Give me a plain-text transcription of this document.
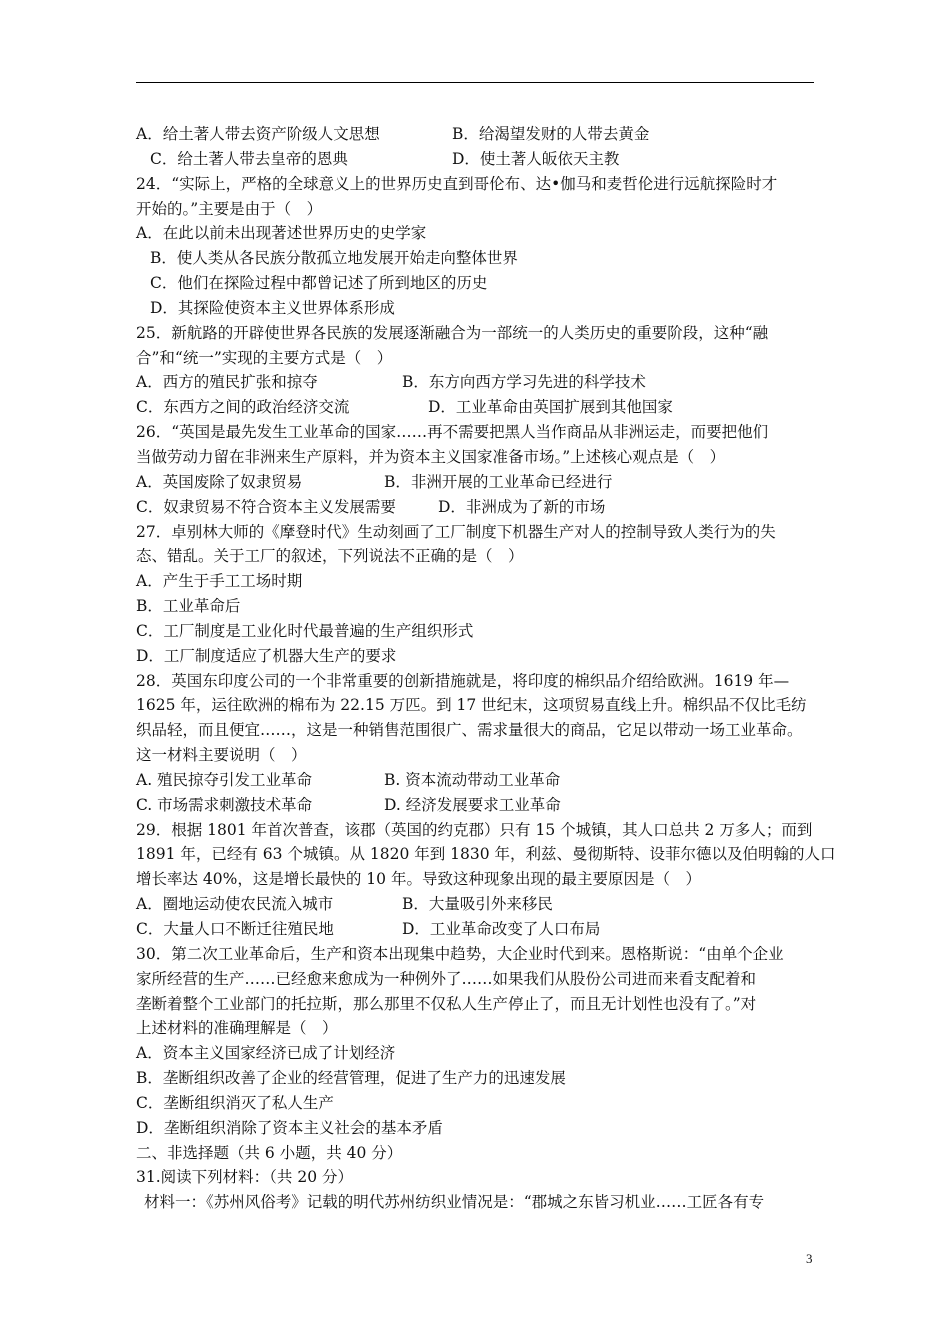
A．给土著人带去资产阶级人文思想	B．给渴望发财的人带去黄金
C．给土著人带去皇帝的恩典	D．使土著人皈依天主教
24．“实际上，严格的全球意义上的世界历史直到哥伦布、达•伽马和麦哲伦进行远航探险时才
开始的。”主要是由于（　）
A．在此以前未出现著述世界历史的史学家
B．使人类从各民族分散孤立地发展开始走向整体世界
C．他们在探险过程中都曾记述了所到地区的历史
D．其探险使资本主义世界体系形成
25．新航路的开辟使世界各民族的发展逐渐融合为一部统一的人类历史的重要阶段，这种“融
合”和“统一”实现的主要方式是（　）
A．西方的殖民扩张和掠夺	B．东方向西方学习先进的科学技术
C．东西方之间的政治经济交流	D．工业革命由英国扩展到其他国家
26．“英国是最先发生工业革命的国家……再不需要把黑人当作商品从非洲运走，而要把他们
当做劳动力留在非洲来生产原料，并为资本主义国家准备市场。”上述核心观点是（　）
A．英国废除了奴隶贸易	B．非洲开展的工业革命已经进行
C．奴隶贸易不符合资本主义发展需要	D．非洲成为了新的市场
27．卓别林大师的《摩登时代》生动刻画了工厂制度下机器生产对人的控制导致人类行为的失
态、错乱。关于工厂的叙述，下列说法不正确的是（　）
A．产生于手工工场时期
B．工业革命后
C．工厂制度是工业化时代最普遍的生产组织形式
D．工厂制度适应了机器大生产的要求
28．英国东印度公司的一个非常重要的创新措施就是，将印度的棉织品介绍给欧洲。1619 年—
1625 年，运往欧洲的棉布为 22.15 万匹。到 17 世纪末，这项贸易直线上升。棉织品不仅比毛纺
织品轻，而且便宜……，这是一种销售范围很广、需求量很大的商品，它足以带动一场工业革命。
这一材料主要说明（　）
A. 殖民掠夺引发工业革命	B. 资本流动带动工业革命
C. 市场需求刺激技术革命	D. 经济发展要求工业革命
29．根据 1801 年首次普查，该郡（英国的约克郡）只有 15 个城镇，其人口总共 2 万多人；而到
1891 年，已经有 63 个城镇。从 1820 年到 1830 年，利兹、曼彻斯特、设菲尔德以及伯明翰的人口
增长率达 40%，这是增长最快的 10 年。导致这种现象出现的最主要原因是（　）
A．圈地运动使农民流入城市	B．大量吸引外来移民
C．大量人口不断迁往殖民地	D．工业革命改变了人口布局
30．第二次工业革命后，生产和资本出现集中趋势，大企业时代到来。恩格斯说：“由单个企业
家所经营的生产……已经愈来愈成为一种例外了……如果我们从股份公司进而来看支配着和
垄断着整个工业部门的托拉斯，那么那里不仅私人生产停止了，而且无计划性也没有了。”对
上述材料的准确理解是（　）
A．资本主义国家经济已成了计划经济
B．垄断组织改善了企业的经营管理，促进了生产力的迅速发展
C．垄断组织消灭了私人生产
D．垄断组织消除了资本主义社会的基本矛盾
二、非选择题（共 6 小题，共 40 分）
31.阅读下列材料：（共 20 分）
材料一：《苏州风俗考》记载的明代苏州纺织业情况是：“郡城之东皆习机业……工匠各有专
3
